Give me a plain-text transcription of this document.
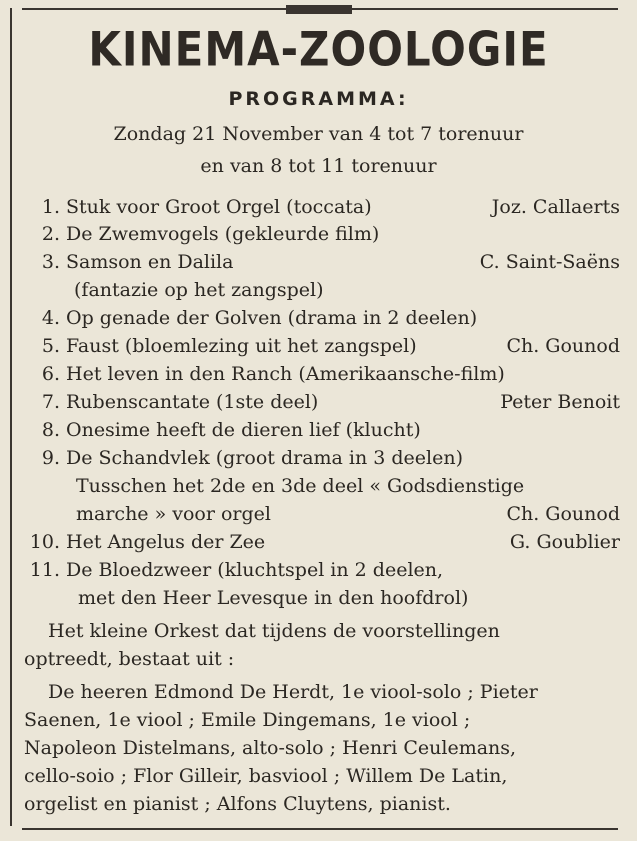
KINEMA-ZOOLOGIE
PROGRAMMA:
Zondag 21 November van 4 tot 7 torenuur
en van 8 tot 11 torenuur
1. Stuk voor Groot Orgel (toccata)	Joz. Callaerts
2. De Zwemvogels (gekleurde film)
3. Samson en Dalila	C. Saint-Saëns
(fantazie op het zangspel)
4. Op genade der Golven (drama in 2 deelen)
5. Faust (bloemlezing uit het zangspel)	Ch. Gounod
6. Het leven in den Ranch (Amerikaansche-film)
7. Rubenscantate (1ste deel)	Peter Benoit
8. Onesime heeft de dieren lief (klucht)
9. De Schandvlek (groot drama in 3 deelen)
Tusschen het 2de en 3de deel « Godsdienstige
marche » voor orgel	Ch. Gounod
10. Het Angelus der Zee	G. Goublier
11. De Bloedzweer (kluchtspel in 2 deelen,
met den Heer Levesque in den hoofdrol)
Het kleine Orkest dat tijdens de voorstellingen
optreedt, bestaat uit :
De heeren Edmond De Herdt, 1e viool-solo ; Pieter
Saenen, 1e viool ; Emile Dingemans, 1e viool ;
Napoleon Distelmans, alto-solo ; Henri Ceulemans,
cello-soio ; Flor Gilleir, basviool ; Willem De Latin,
orgelist en pianist ; Alfons Cluytens, pianist.
